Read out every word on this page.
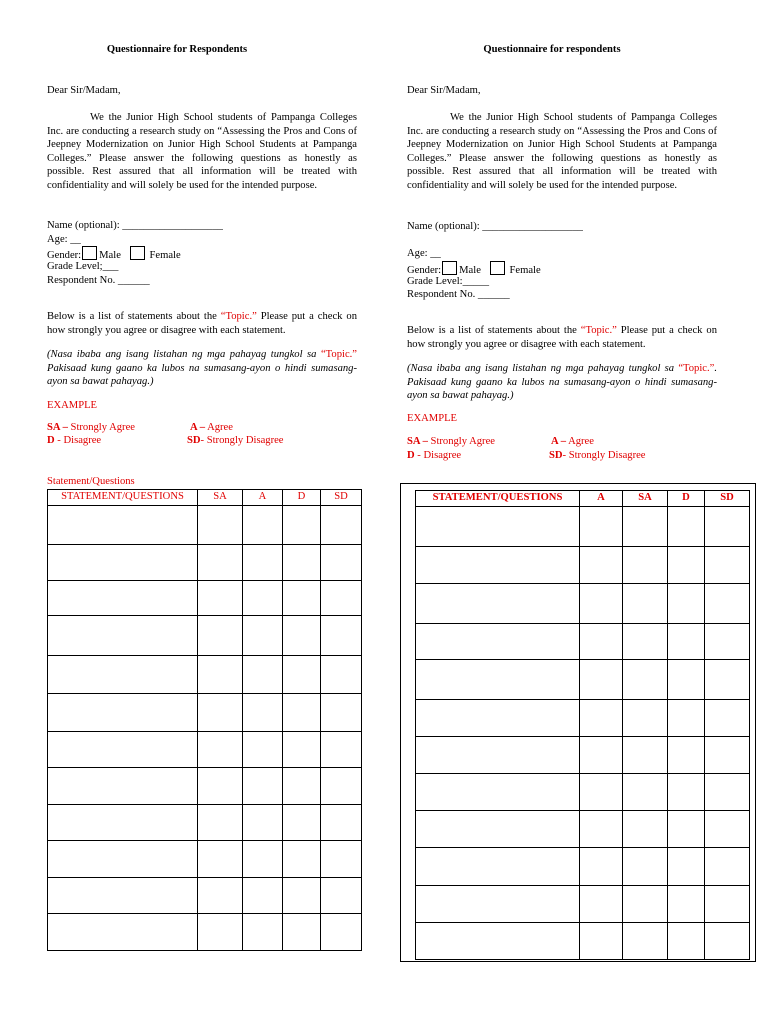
Questionnaire for Respondents
Dear Sir/Madam,
We the Junior High School students of Pampanga Colleges Inc. are conducting a research study on “Assessing the Pros and Cons of Jeepney Modernization on Junior High School Students at Pampanga Colleges.” Please answer the following questions as honestly as possible. Rest assured that all information will be treated with confidentiality and will solely be used for the intended purpose.
Name (optional): ___________________
Age: __
Gender: Male	Female
Grade Level;___
Respondent No. ______
Below is a list of statements about the “Topic.” Please put a check on how strongly you agree or disagree with each statement.
(Nasa ibaba ang isang listahan ng mga pahayag tungkol sa “Topic.” Pakisaad kung gaano ka lubos na sumasang-ayon o hindi sumasang-ayon sa bawat pahayag.)
EXAMPLE
SA – Strongly Agree	A – Agree
D - Disagree	SD- Strongly Disagree
Statement/Questions
STATEMENT/QUESTIONS	SA	A	D	SD

Questionnaire for respondents
Dear Sir/Madam,
We the Junior High School students of Pampanga Colleges Inc. are conducting a research study on “Assessing the Pros and Cons of Jeepney Modernization on Junior High School Students at Pampanga Colleges.” Please answer the following questions as honestly as possible. Rest assured that all information will be treated with confidentiality and will solely be used for the intended purpose.
Name (optional): ___________________
Age: __
Gender: Male	Female
Grade Level:_____
Respondent No. ______
Below is a list of statements about the “Topic.” Please put a check on how strongly you agree or disagree with each statement.
(Nasa ibaba ang isang listahan ng mga pahayag tungkol sa “Topic.”. Pakisaad kung gaano ka lubos na sumasang-ayon o hindi sumasang-ayon sa bawat pahayag.)
EXAMPLE
SA – Strongly Agree	A – Agree
D - Disagree	SD- Strongly Disagree
STATEMENT/QUESTIONS	A	SA	D	SD
